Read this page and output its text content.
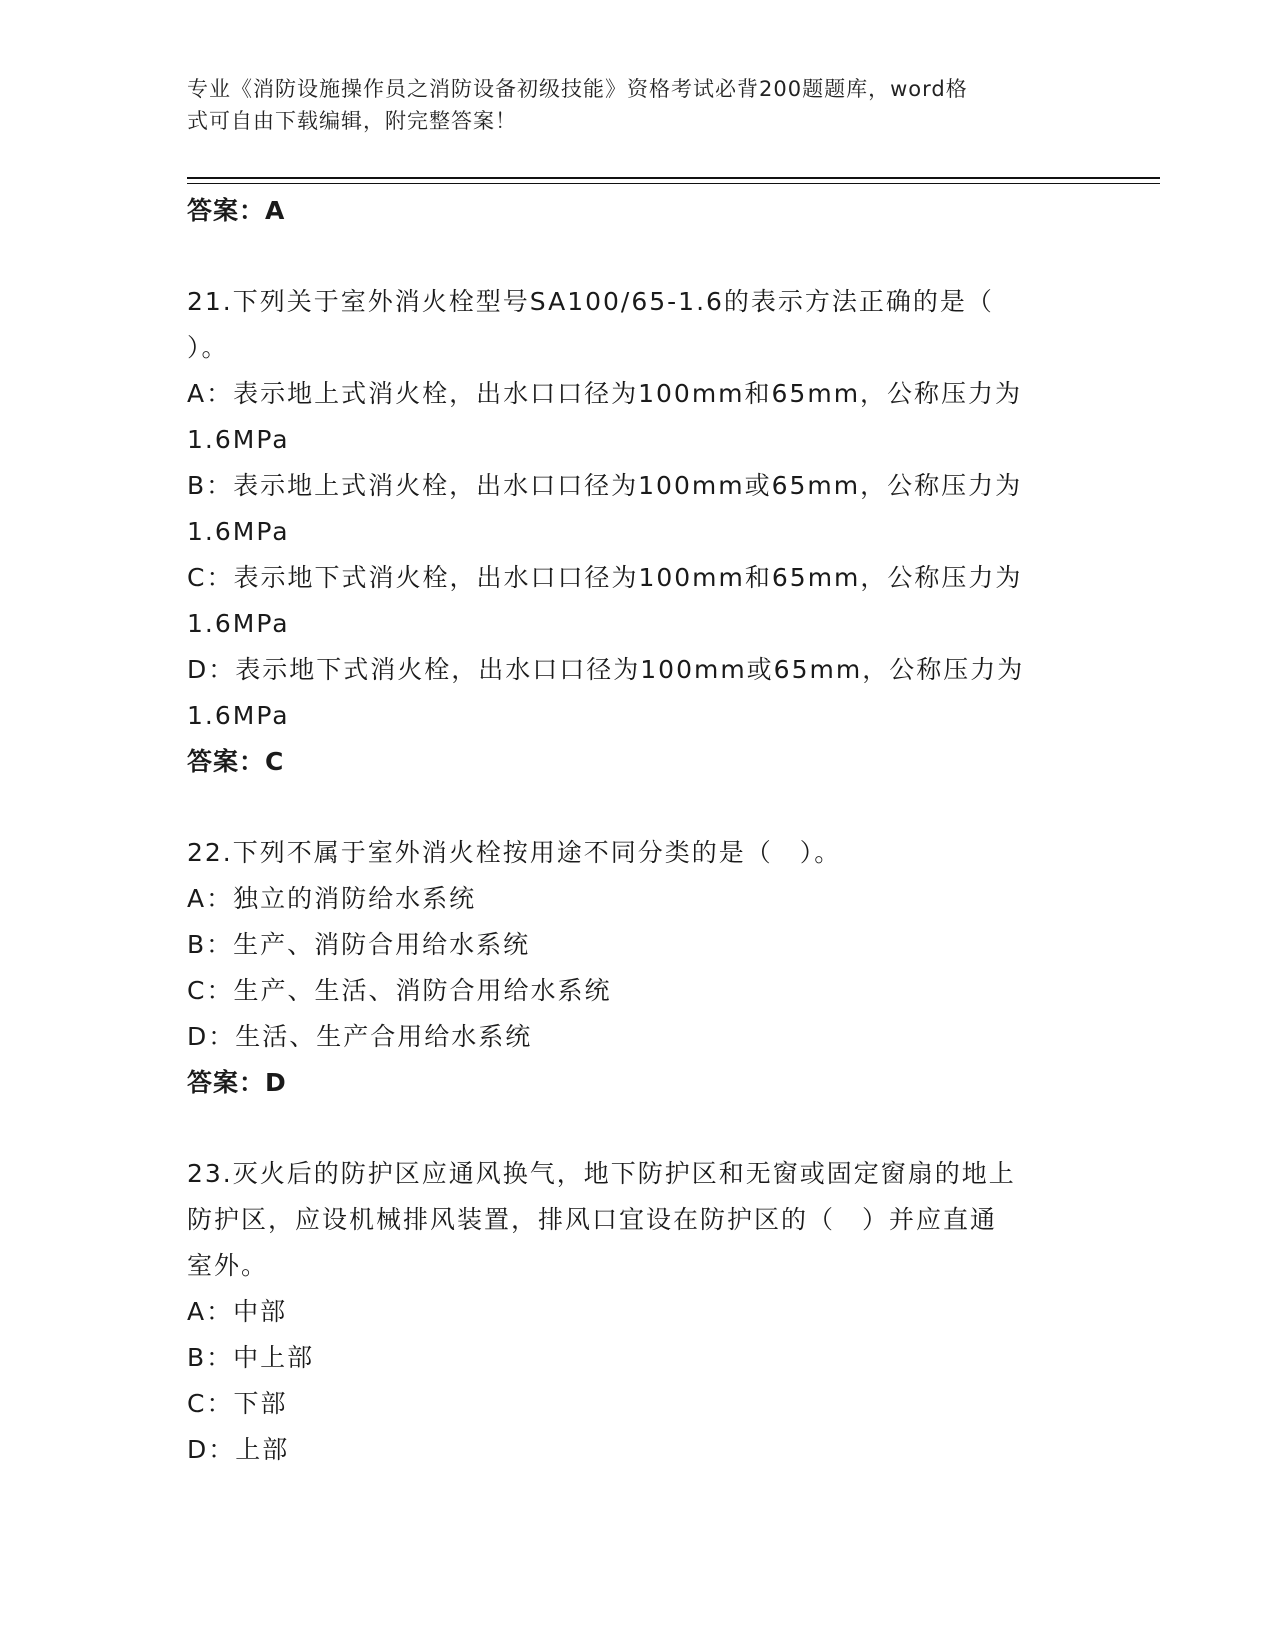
专业《消防设施操作员之消防设备初级技能》资格考试必背200题题库，word格
式可自由下载编辑，附完整答案！
答案：A
21.下列关于室外消火栓型号SA100/65-1.6的表示方法正确的是（
）。
A：表示地上式消火栓，出水口口径为100mm和65mm，公称压力为
1.6MPa
B：表示地上式消火栓，出水口口径为100mm或65mm，公称压力为
1.6MPa
C：表示地下式消火栓，出水口口径为100mm和65mm，公称压力为
1.6MPa
D：表示地下式消火栓，出水口口径为100mm或65mm，公称压力为
1.6MPa
答案：C
22.下列不属于室外消火栓按用途不同分类的是（　）。
A：独立的消防给水系统
B：生产、消防合用给水系统
C：生产、生活、消防合用给水系统
D：生活、生产合用给水系统
答案：D
23.灭火后的防护区应通风换气，地下防护区和无窗或固定窗扇的地上
防护区，应设机械排风装置，排风口宜设在防护区的（　）并应直通
室外。
A：中部
B：中上部
C：下部
D：上部
